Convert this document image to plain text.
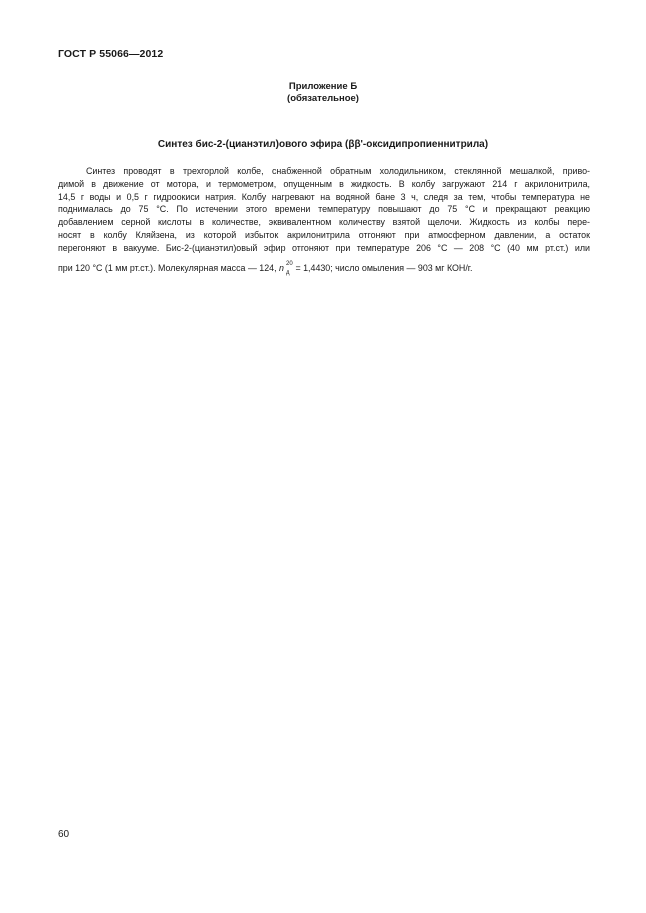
ГОСТ Р 55066—2012
Приложение Б
(обязательное)
Синтез бис-2-(цианэтил)ового эфира (ββ'-оксидипропиеннитрила)
Синтез проводят в трехгорлой колбе, снабженной обратным холодильником, стеклянной мешалкой, приво-
димой в движение от мотора, и термометром, опущенным в жидкость. В колбу загружают 214 г акрилонитрила,
14,5 г воды и 0,5 г гидроокиси натрия. Колбу нагревают на водяной бане 3 ч, следя за тем, чтобы температура не
поднималась до 75 °С. По истечении этого времени температуру повышают до 75 °С и прекращают реакцию
добавлением серной кислоты в количестве, эквивалентном количеству взятой щелочи. Жидкость из колбы пере-
носят в колбу Кляйзена, из которой избыток акрилонитрила отгоняют при атмосферном давлении, а остаток
перегоняют в вакууме. Бис-2-(цианэтил)овый эфир отгоняют при температуре 206 °С — 208 °С (40 мм рт.ст.) или
при 120 °С (1 мм рт.ст.). Молекулярная масса — 124, n 20
д = 1,4430; число омыления — 903 мг КОН/г.
60
